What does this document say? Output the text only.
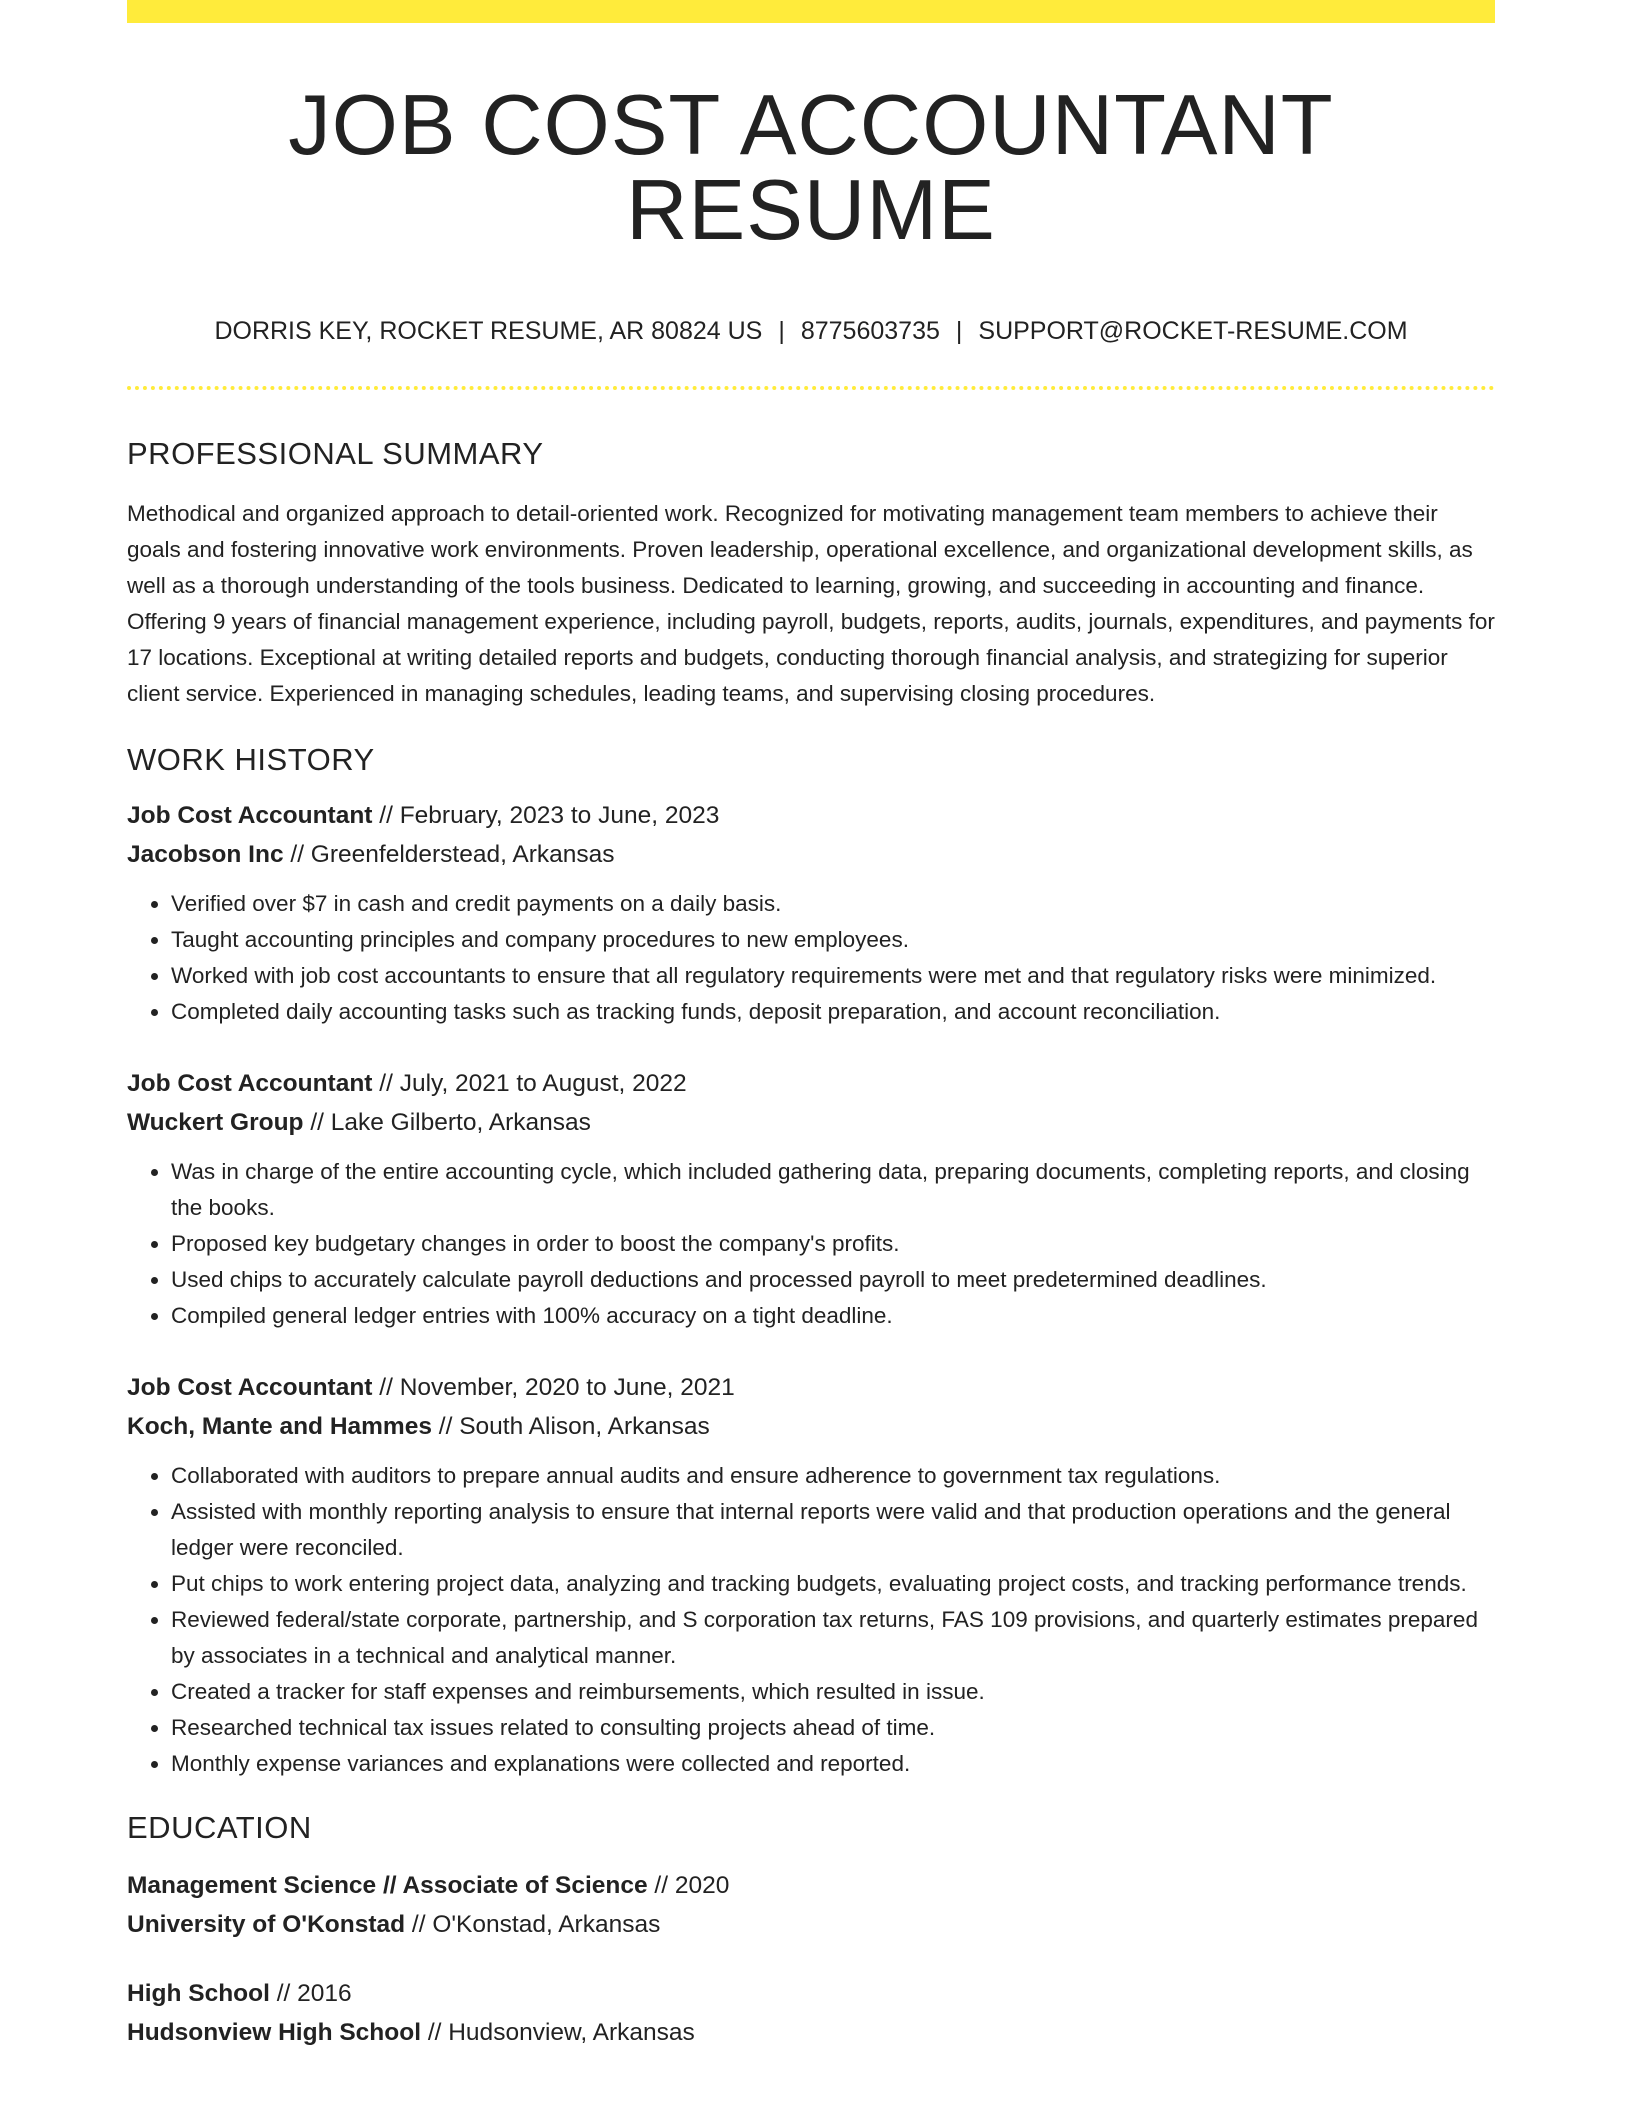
JOB COST ACCOUNTANT RESUME
DORRIS KEY, ROCKET RESUME, AR 80824 US | 8775603735 | SUPPORT@ROCKET-RESUME.COM
PROFESSIONAL SUMMARY
Methodical and organized approach to detail-oriented work. Recognized for motivating management team members to achieve their goals and fostering innovative work environments. Proven leadership, operational excellence, and organizational development skills, as well as a thorough understanding of the tools business. Dedicated to learning, growing, and succeeding in accounting and finance. Offering 9 years of financial management experience, including payroll, budgets, reports, audits, journals, expenditures, and payments for 17 locations. Exceptional at writing detailed reports and budgets, conducting thorough financial analysis, and strategizing for superior client service. Experienced in managing schedules, leading teams, and supervising closing procedures.
WORK HISTORY
Job Cost Accountant // February, 2023 to June, 2023
Jacobson Inc // Greenfelderstead, Arkansas
• Verified over $7 in cash and credit payments on a daily basis.
• Taught accounting principles and company procedures to new employees.
• Worked with job cost accountants to ensure that all regulatory requirements were met and that regulatory risks were minimized.
• Completed daily accounting tasks such as tracking funds, deposit preparation, and account reconciliation.
Job Cost Accountant // July, 2021 to August, 2022
Wuckert Group // Lake Gilberto, Arkansas
• Was in charge of the entire accounting cycle, which included gathering data, preparing documents, completing reports, and closing the books.
• Proposed key budgetary changes in order to boost the company's profits.
• Used chips to accurately calculate payroll deductions and processed payroll to meet predetermined deadlines.
• Compiled general ledger entries with 100% accuracy on a tight deadline.
Job Cost Accountant // November, 2020 to June, 2021
Koch, Mante and Hammes // South Alison, Arkansas
• Collaborated with auditors to prepare annual audits and ensure adherence to government tax regulations.
• Assisted with monthly reporting analysis to ensure that internal reports were valid and that production operations and the general ledger were reconciled.
• Put chips to work entering project data, analyzing and tracking budgets, evaluating project costs, and tracking performance trends.
• Reviewed federal/state corporate, partnership, and S corporation tax returns, FAS 109 provisions, and quarterly estimates prepared by associates in a technical and analytical manner.
• Created a tracker for staff expenses and reimbursements, which resulted in issue.
• Researched technical tax issues related to consulting projects ahead of time.
• Monthly expense variances and explanations were collected and reported.
EDUCATION
Management Science // Associate of Science // 2020
University of O'Konstad // O'Konstad, Arkansas
High School // 2016
Hudsonview High School // Hudsonview, Arkansas
